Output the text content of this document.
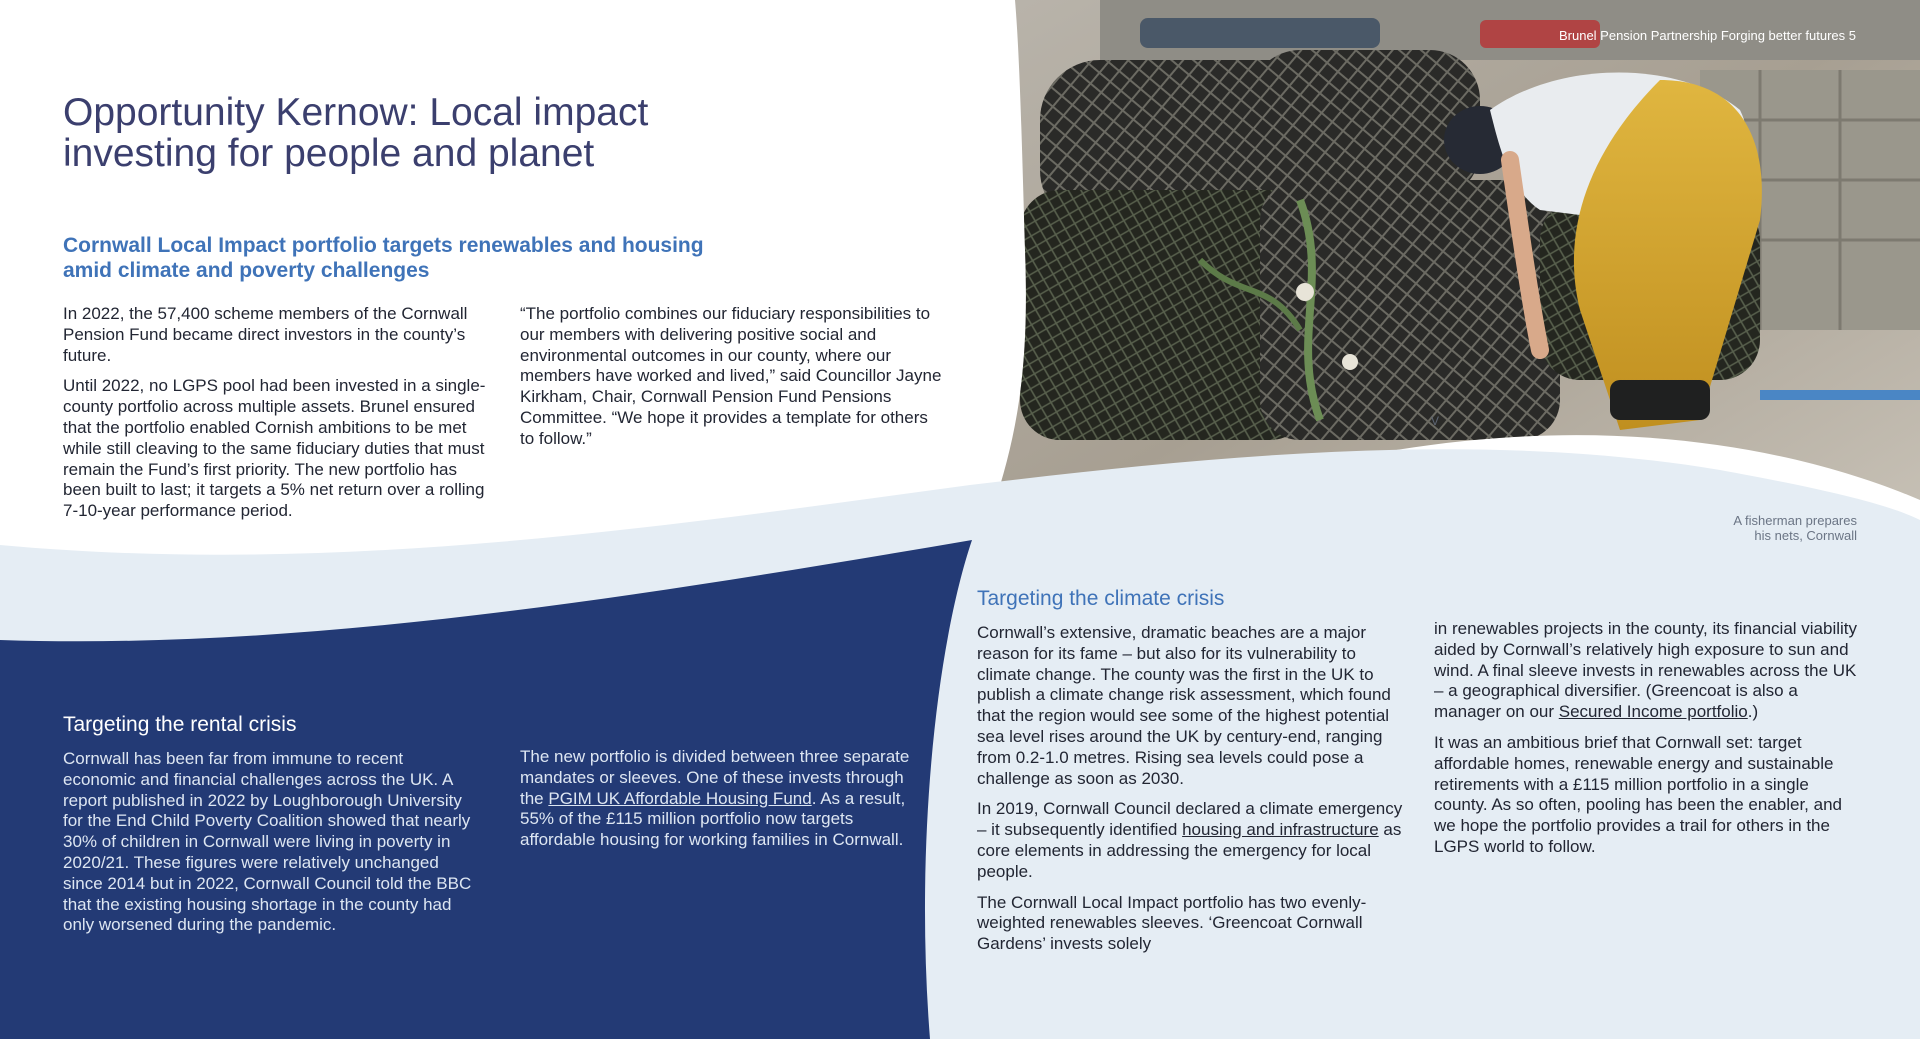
Brunel Pension Partnership Forging better futures 5
Opportunity Kernow: Local impact
investing for people and planet
Cornwall Local Impact portfolio targets renewables and housing
amid climate and poverty challenges

In 2022, the 57,400 scheme members of the Cornwall Pension Fund became direct investors in the county’s future.

Until 2022, no LGPS pool had been invested in a single-county portfolio across multiple assets. Brunel ensured that the portfolio enabled Cornish ambitions to be met while still cleaving to the same fiduciary duties that must remain the Fund’s first priority. The new portfolio has been built to last; it targets a 5% net return over a rolling 7-10-year performance period.

“The portfolio combines our fiduciary responsibilities to our members with delivering positive social and environmental outcomes in our county, where our members have worked and lived,” said Councillor Jayne Kirkham, Chair, Cornwall Pension Fund Pensions Committee. “We hope it provides a template for others to follow.”

V
A fisherman prepares
his nets, Cornwall
Targeting the rental crisis

Cornwall has been far from immune to recent economic and financial challenges across the UK. A report published in 2022 by Loughborough University for the End Child Poverty Coalition showed that nearly 30% of children in Cornwall were living in poverty in 2020/21. These figures were relatively unchanged since 2014 but in 2022, Cornwall Council told the BBC that the existing housing shortage in the county had only worsened during the pandemic.

The new portfolio is divided between three separate mandates or sleeves. One of these invests through the PGIM UK Affordable Housing Fund. As a result, 55% of the £115 million portfolio now targets affordable housing for working families in Cornwall.

Targeting the climate crisis

Cornwall’s extensive, dramatic beaches are a major reason for its fame – but also for its vulnerability to climate change. The county was the first in the UK to publish a climate change risk assessment, which found that the region would see some of the highest potential sea level rises around the UK by century-end, ranging from 0.2-1.0 metres. Rising sea levels could pose a challenge as soon as 2030.

In 2019, Cornwall Council declared a climate emergency – it subsequently identified housing and infrastructure as core elements in addressing the emergency for local people.

The Cornwall Local Impact portfolio has two evenly-weighted renewables sleeves. ‘Greencoat Cornwall Gardens’ invests solely

in renewables projects in the county, its financial viability aided by Cornwall’s relatively high exposure to sun and wind. A final sleeve invests in renewables across the UK – a geographical diversifier. (Greencoat is also a manager on our Secured Income portfolio.)

It was an ambitious brief that Cornwall set: target affordable homes, renewable energy and sustainable retirements with a £115 million portfolio in a single county. As so often, pooling has been the enabler, and we hope the portfolio provides a trail for others in the LGPS world to follow.
